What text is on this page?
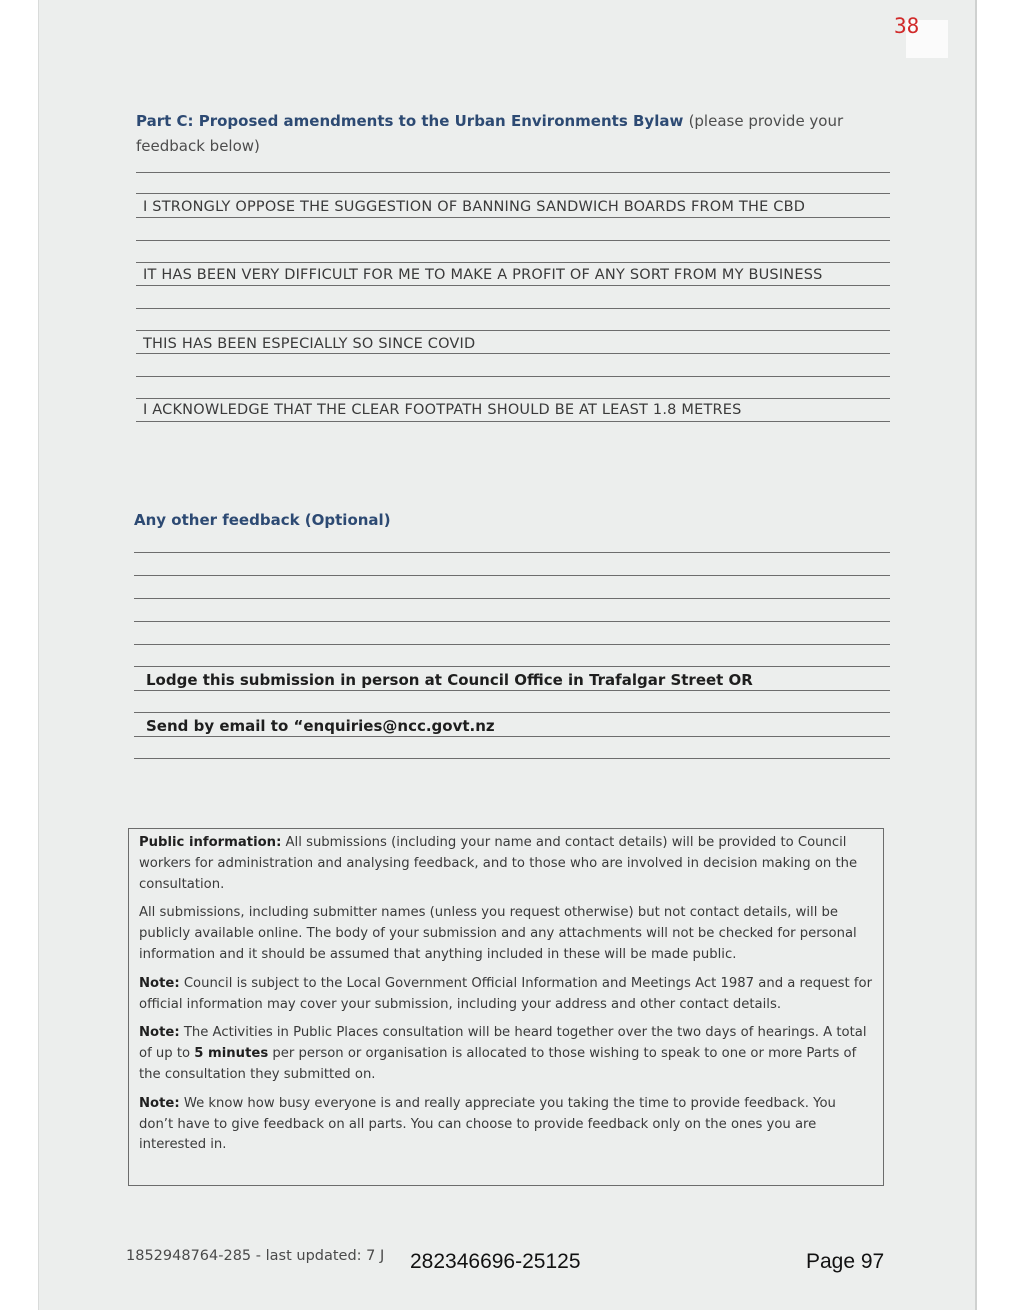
38
Part C: Proposed amendments to the Urban Environments Bylaw (please provide your
feedback below)
I STRONGLY OPPOSE THE SUGGESTION OF BANNING SANDWICH BOARDS FROM THE CBD
IT HAS BEEN VERY DIFFICULT FOR ME TO MAKE A PROFIT OF ANY SORT FROM MY BUSINESS
THIS HAS BEEN ESPECIALLY SO SINCE COVID
I ACKNOWLEDGE THAT THE CLEAR FOOTPATH SHOULD BE AT LEAST 1.8 METRES
Any other feedback (Optional)
Lodge this submission in person at Council Office in Trafalgar Street OR
Send by email to “enquiries@ncc.govt.nz

Public information: All submissions (including your name and contact details) will be provided to Council workers for administration and analysing feedback, and to those who are involved in decision making on the consultation.

All submissions, including submitter names (unless you request otherwise) but not contact details, will be publicly available online. The body of your submission and any attachments will not be checked for personal information and it should be assumed that anything included in these will be made public.

Note: Council is subject to the Local Government Official Information and Meetings Act 1987 and a request for official information may cover your submission, including your address and other contact details.

Note: The Activities in Public Places consultation will be heard together over the two days of hearings. A total of up to 5 minutes per person or organisation is allocated to those wishing to speak to one or more Parts of the consultation they submitted on.

Note: We know how busy everyone is and really appreciate you taking the time to provide feedback. You don’t have to give feedback on all parts. You can choose to provide feedback only on the ones you are interested in.

1852948764-285 - last updated: 7 J 282346696-25125	Page 97
